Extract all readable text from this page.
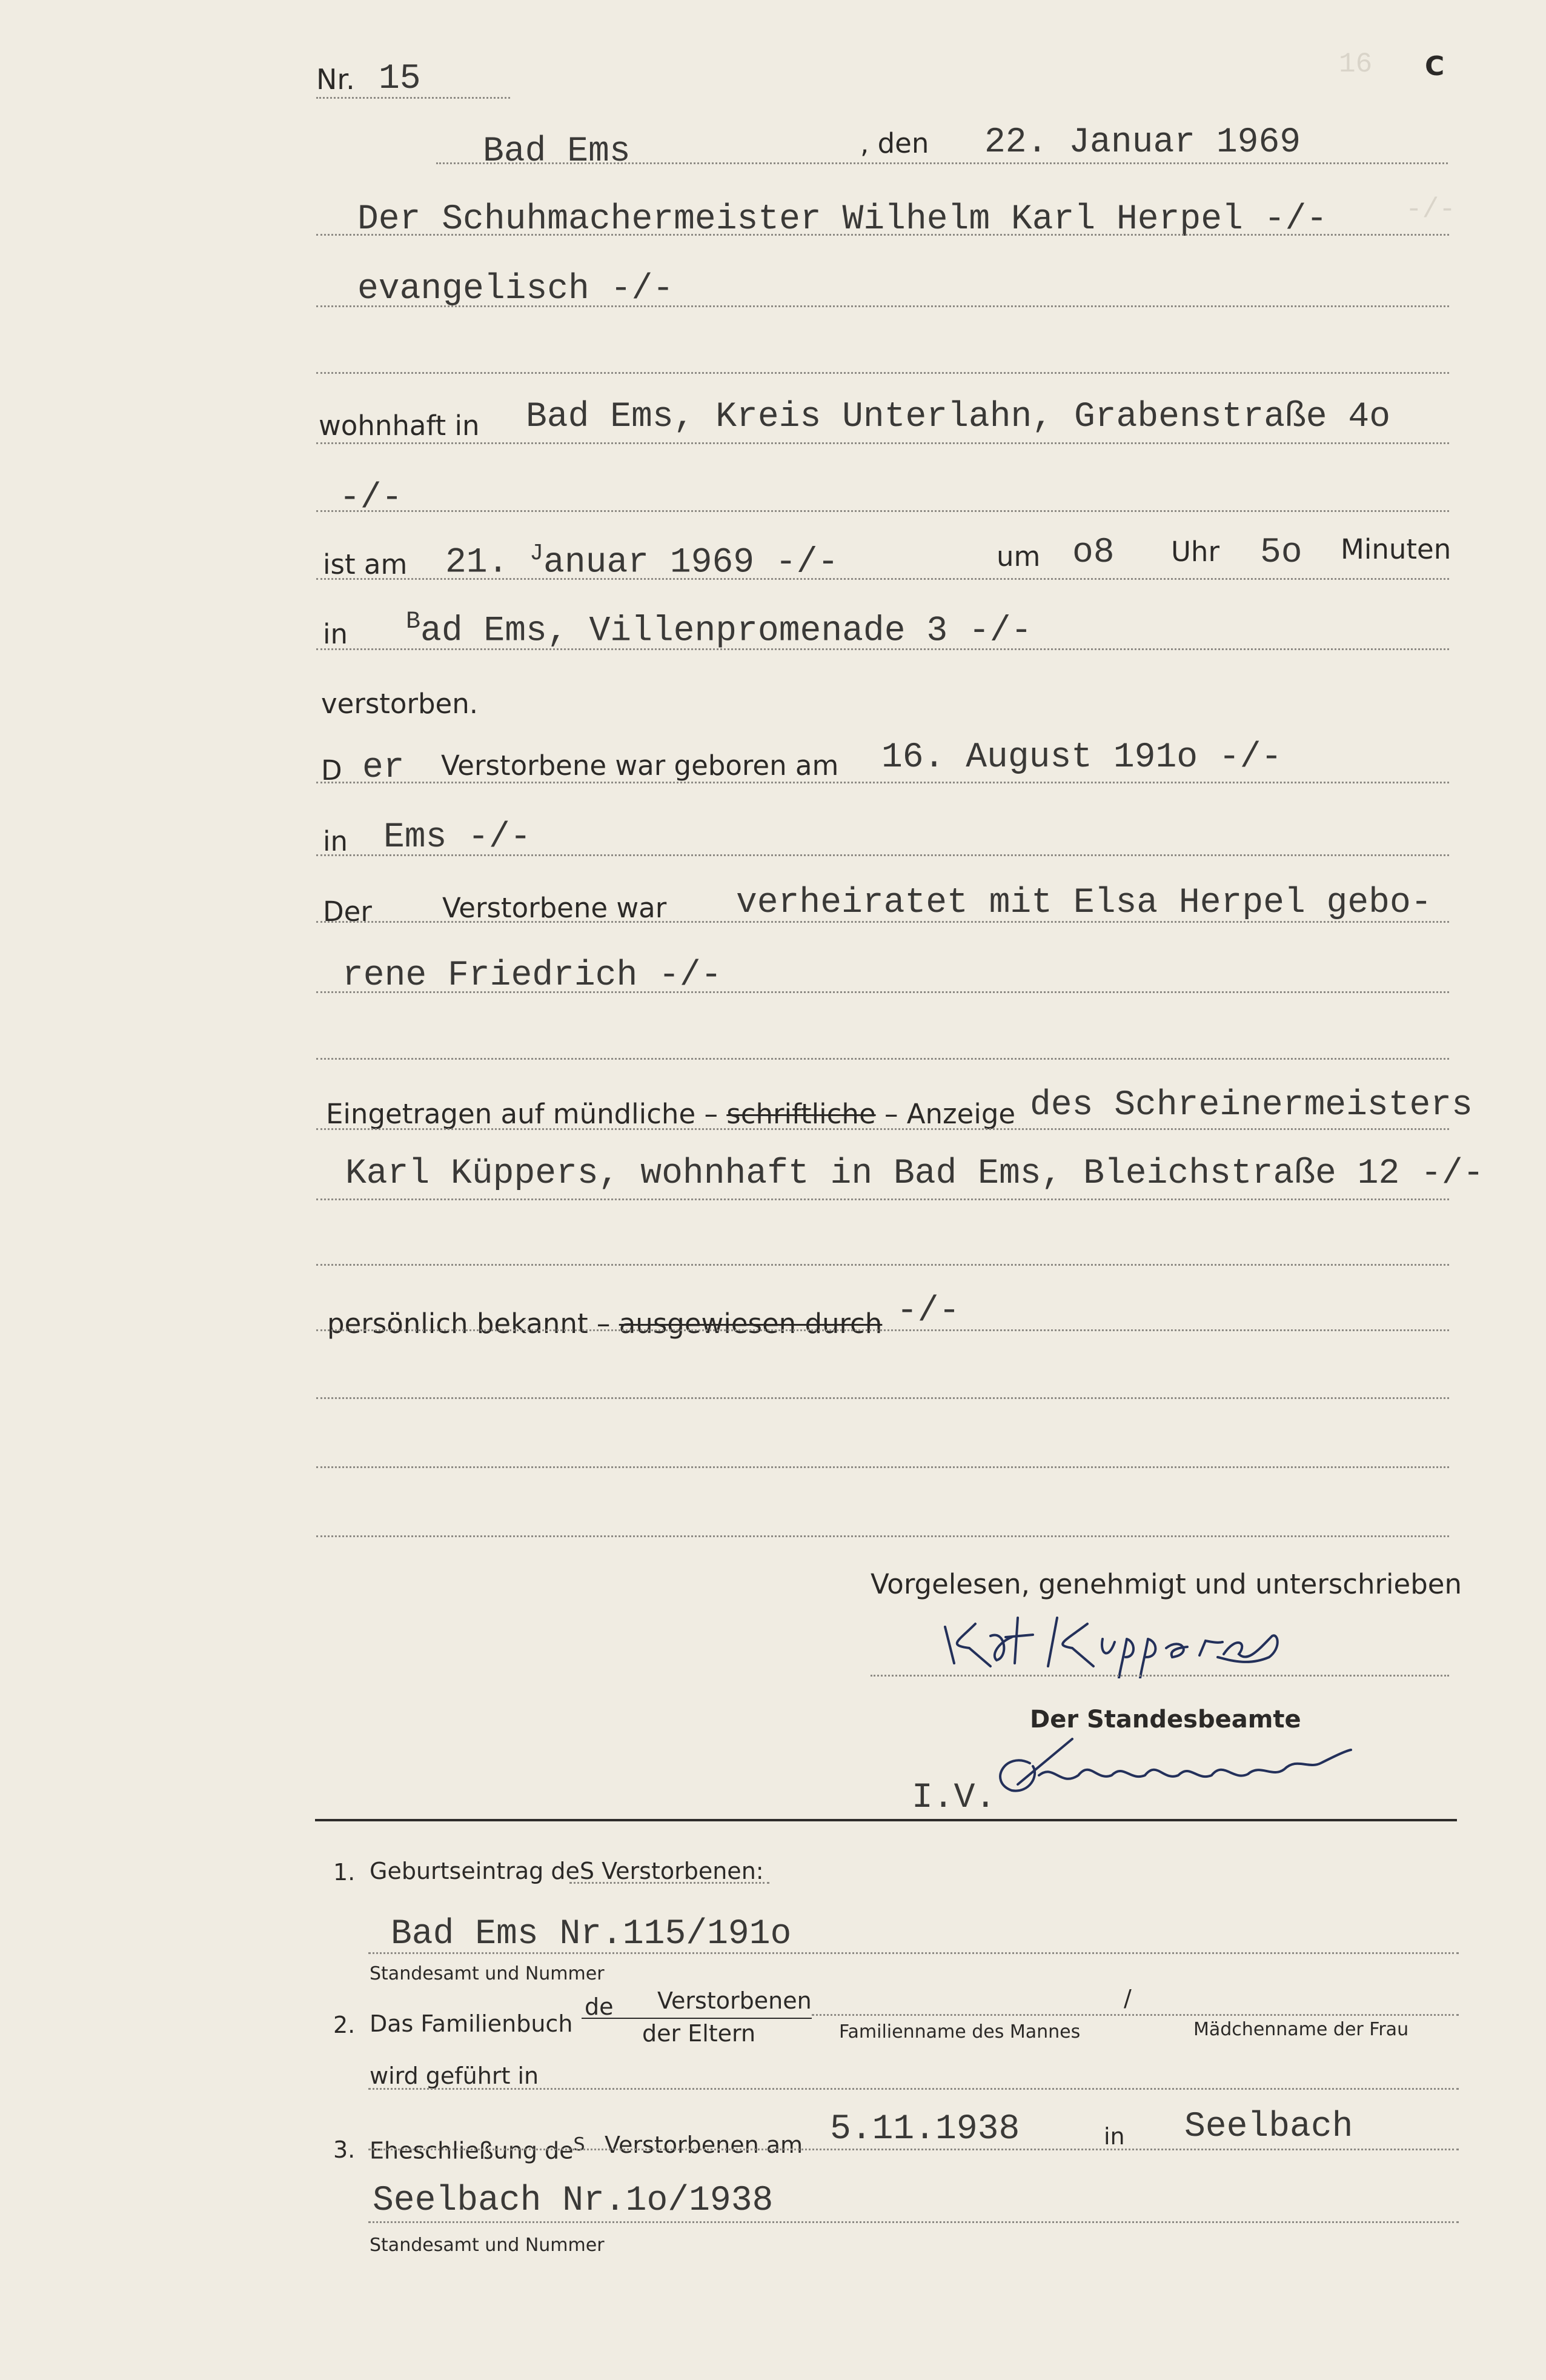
16
-/-
Nr. 15	C
Bad Ems	, den 22. Januar 1969
Der Schuhmachermeister Wilhelm Karl Herpel -/-
evangelisch -/-
wohnhaft in Bad Ems, Kreis Unterlahn, Grabenstraße 4o
-/-
ist am 21. $^J$anuar 1969 -/-	um o8 Uhr 5o Minuten
in $^B$ad Ems, Villenpromenade 3 -/-
verstorben.
D er Verstorbene war geboren am 16. August 191o -/-
in Ems -/-
Der	Verstorbene war verheiratet mit Elsa Herpel gebo-
rene Friedrich -/-
Eingetragen auf mündliche – schriftliche – Anzeige des Schreinermeisters
Karl Küppers, wohnhaft in Bad Ems, Bleichstraße 12 -/-
persönlich bekannt – ausgewiesen durch -/-
Vorgelesen, genehmigt und unterschrieben
Der Standesbeamte
I.V.
1. Geburtseintrag deS Verstorbenen:
Bad Ems Nr.115/191o
Standesamt und Nummer
2. Das Familienbuch
de Verstorbenen
der Eltern
/
Familienname des Mannes	Mädchenname der Frau
wird geführt in
3. Eheschließung $de^S$ Verstorbenen am 5.11.1938	in Seelbach
Seelbach Nr.1o/1938
Standesamt und Nummer
